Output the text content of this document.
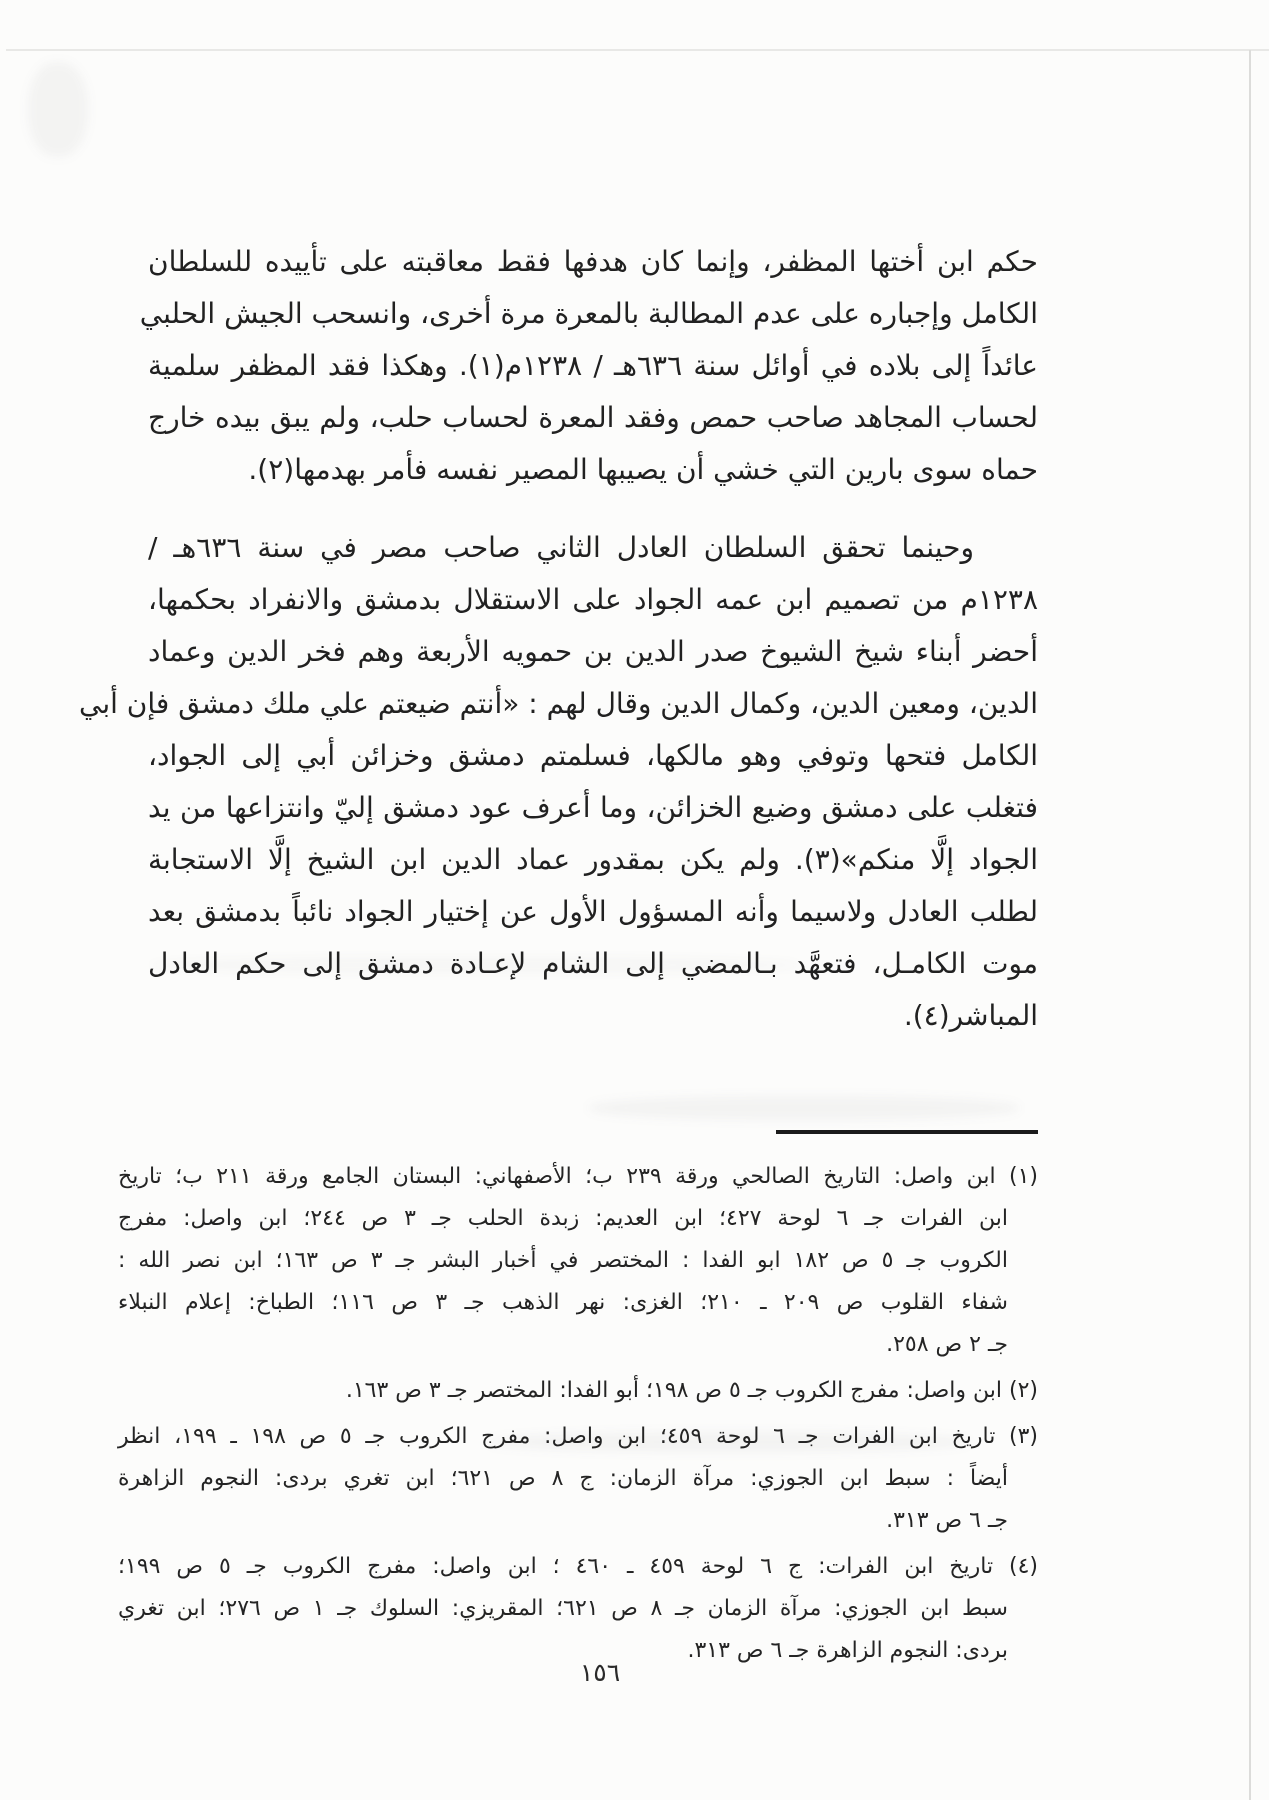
حكم ابن أختها المظفر، وإنما كان هدفها فقط معاقبته على تأييده للسلطان
الكامل وإجباره على عدم المطالبة بالمعرة مرة أخرى، وانسحب الجيش الحلبي
عائداً إلى بلاده في أوائل سنة ٦٣٦هـ / ١٢٣٨م(١). وهكذا فقد المظفر سلمية
لحساب المجاهد صاحب حمص وفقد المعرة لحساب حلب، ولم يبق بيده خارج
حماه سوى بارين التي خشي أن يصيبها المصير نفسه فأمر بهدمها(٢).
وحينما تحقق السلطان العادل الثاني صاحب مصر في سنة ٦٣٦هـ /
١٢٣٨م من تصميم ابن عمه الجواد على الاستقلال بدمشق والانفراد بحكمها،
أحضر أبناء شيخ الشيوخ صدر الدين بن حمويه الأربعة وهم فخر الدين وعماد
الدين، ومعين الدين، وكمال الدين وقال لهم : «أنتم ضيعتم علي ملك دمشق فإن أبي
الكامل فتحها وتوفي وهو مالكها، فسلمتم دمشق وخزائن أبي إلى الجواد،
فتغلب على دمشق وضيع الخزائن، وما أعرف عود دمشق إليّ وانتزاعها من يد
الجواد إلَّا منكم»(٣). ولم يكن بمقدور عماد الدين ابن الشيخ إلَّا الاستجابة
لطلب العادل ولاسيما وأنه المسؤول الأول عن إختيار الجواد نائباً بدمشق بعد
موت الكامـل، فتعهَّد بـالمضي إلى الشام لإعـادة دمشق إلى حكم العادل
المباشر(٤).
(١) ابن واصل: التاريخ الصالحي ورقة ٢٣٩ ب؛ الأصفهاني: البستان الجامع ورقة ٢١١ ب؛ تاريخ
ابن الفرات جـ ٦ لوحة ٤٢٧؛ ابن العديم: زبدة الحلب جـ ٣ ص ٢٤٤؛ ابن واصل: مفرج
الكروب جـ ٥ ص ١٨٢ ابو الفدا : المختصر في أخبار البشر جـ ٣ ص ١٦٣؛ ابن نصر الله :
شفاء القلوب ص ٢٠٩ ـ ٢١٠؛ الغزى: نهر الذهب جـ ٣ ص ١١٦؛ الطباخ: إعلام النبلاء
جـ ٢ ص ٢٥٨.
(٢) ابن واصل: مفرج الكروب جـ ٥ ص ١٩٨؛ أبو الفدا: المختصر جـ ٣ ص ١٦٣.
(٣) تاريخ ابن الفرات جـ ٦ لوحة ٤٥٩؛ ابن واصل: مفرج الكروب جـ ٥ ص ١٩٨ ـ ١٩٩، انظر
أيضاً : سبط ابن الجوزي: مرآة الزمان: ج ٨ ص ٦٢١؛ ابن تغري بردى: النجوم الزاهرة
جـ ٦ ص ٣١٣.
(٤) تاريخ ابن الفرات: ج ٦ لوحة ٤٥٩ ـ ٤٦٠ ؛ ابن واصل: مفرج الكروب جـ ٥ ص ١٩٩؛
سبط ابن الجوزي: مرآة الزمان جـ ٨ ص ٦٢١؛ المقريزي: السلوك جـ ١ ص ٢٧٦؛ ابن تغري
بردى: النجوم الزاهرة جـ ٦ ص ٣١٣.
١٥٦
